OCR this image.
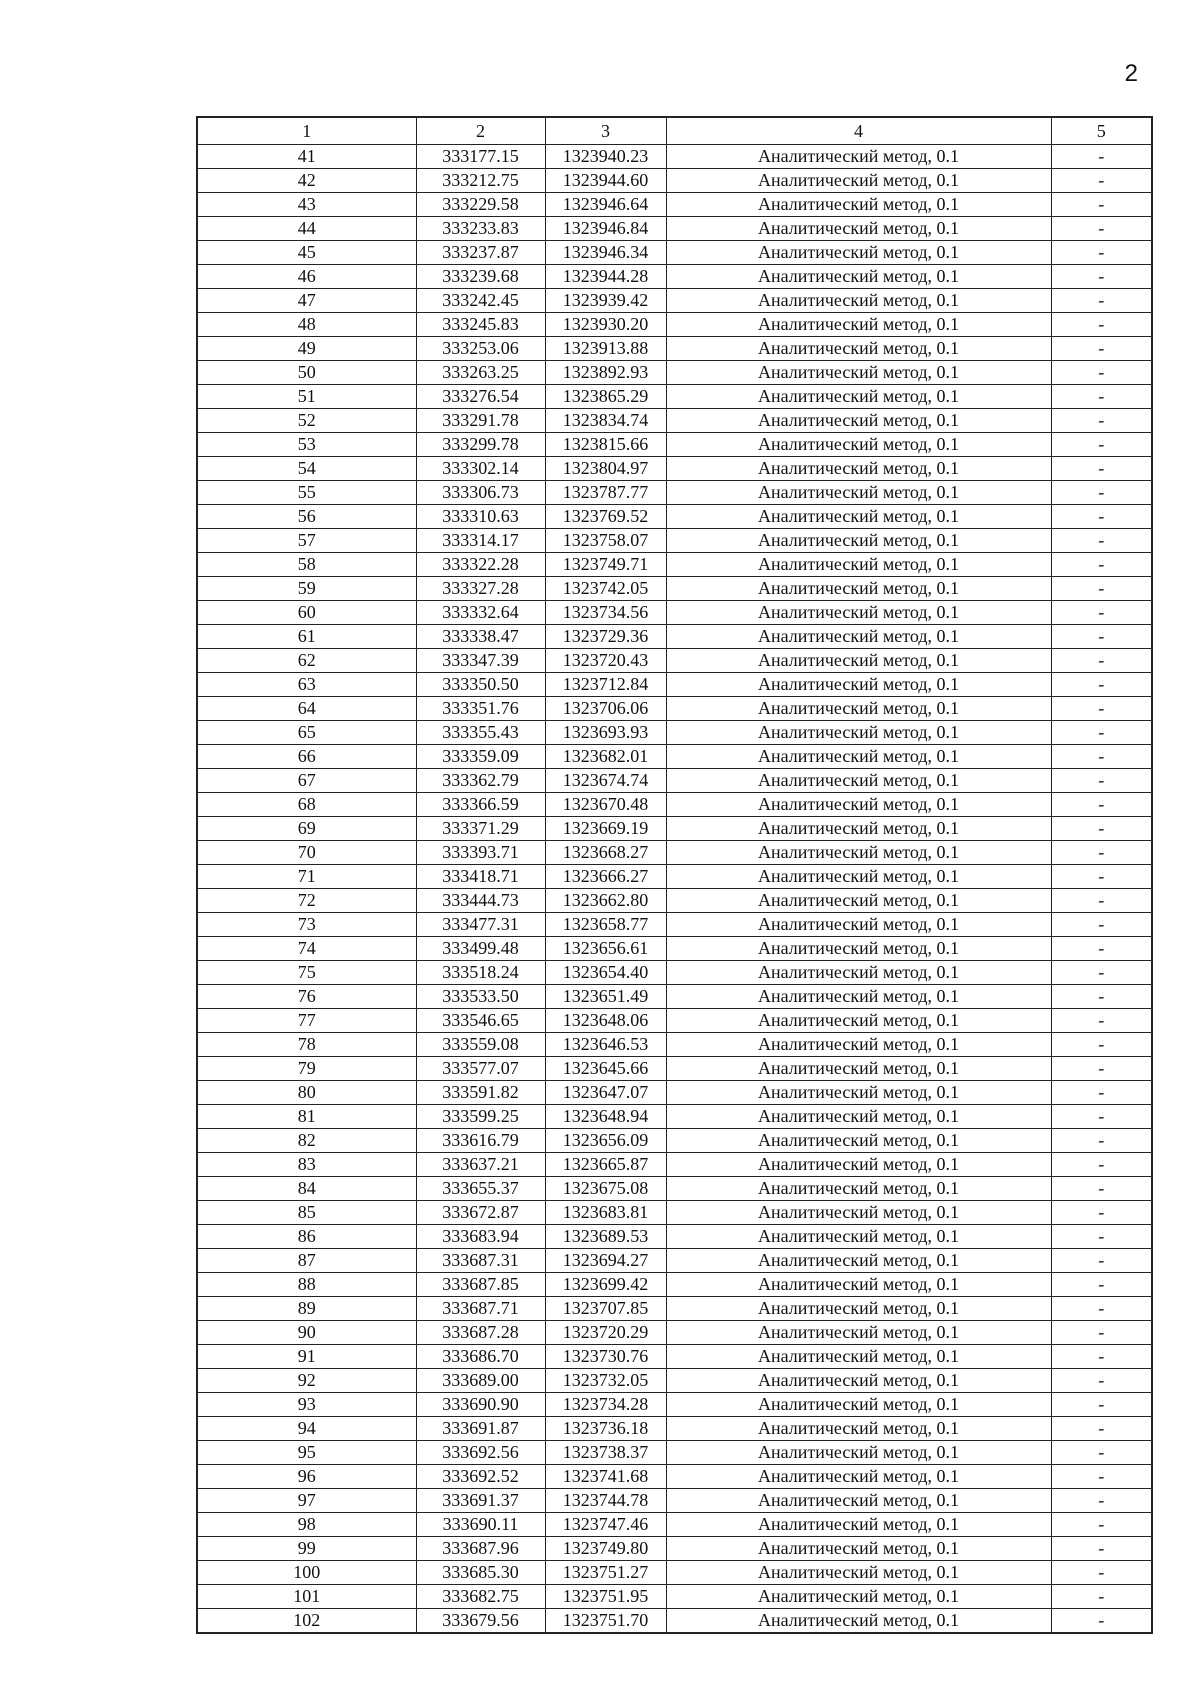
2
1	2	3	4	5
41	333177.15	1323940.23	Аналитический метод, 0.1	-
42	333212.75	1323944.60	Аналитический метод, 0.1	-
43	333229.58	1323946.64	Аналитический метод, 0.1	-
44	333233.83	1323946.84	Аналитический метод, 0.1	-
45	333237.87	1323946.34	Аналитический метод, 0.1	-
46	333239.68	1323944.28	Аналитический метод, 0.1	-
47	333242.45	1323939.42	Аналитический метод, 0.1	-
48	333245.83	1323930.20	Аналитический метод, 0.1	-
49	333253.06	1323913.88	Аналитический метод, 0.1	-
50	333263.25	1323892.93	Аналитический метод, 0.1	-
51	333276.54	1323865.29	Аналитический метод, 0.1	-
52	333291.78	1323834.74	Аналитический метод, 0.1	-
53	333299.78	1323815.66	Аналитический метод, 0.1	-
54	333302.14	1323804.97	Аналитический метод, 0.1	-
55	333306.73	1323787.77	Аналитический метод, 0.1	-
56	333310.63	1323769.52	Аналитический метод, 0.1	-
57	333314.17	1323758.07	Аналитический метод, 0.1	-
58	333322.28	1323749.71	Аналитический метод, 0.1	-
59	333327.28	1323742.05	Аналитический метод, 0.1	-
60	333332.64	1323734.56	Аналитический метод, 0.1	-
61	333338.47	1323729.36	Аналитический метод, 0.1	-
62	333347.39	1323720.43	Аналитический метод, 0.1	-
63	333350.50	1323712.84	Аналитический метод, 0.1	-
64	333351.76	1323706.06	Аналитический метод, 0.1	-
65	333355.43	1323693.93	Аналитический метод, 0.1	-
66	333359.09	1323682.01	Аналитический метод, 0.1	-
67	333362.79	1323674.74	Аналитический метод, 0.1	-
68	333366.59	1323670.48	Аналитический метод, 0.1	-
69	333371.29	1323669.19	Аналитический метод, 0.1	-
70	333393.71	1323668.27	Аналитический метод, 0.1	-
71	333418.71	1323666.27	Аналитический метод, 0.1	-
72	333444.73	1323662.80	Аналитический метод, 0.1	-
73	333477.31	1323658.77	Аналитический метод, 0.1	-
74	333499.48	1323656.61	Аналитический метод, 0.1	-
75	333518.24	1323654.40	Аналитический метод, 0.1	-
76	333533.50	1323651.49	Аналитический метод, 0.1	-
77	333546.65	1323648.06	Аналитический метод, 0.1	-
78	333559.08	1323646.53	Аналитический метод, 0.1	-
79	333577.07	1323645.66	Аналитический метод, 0.1	-
80	333591.82	1323647.07	Аналитический метод, 0.1	-
81	333599.25	1323648.94	Аналитический метод, 0.1	-
82	333616.79	1323656.09	Аналитический метод, 0.1	-
83	333637.21	1323665.87	Аналитический метод, 0.1	-
84	333655.37	1323675.08	Аналитический метод, 0.1	-
85	333672.87	1323683.81	Аналитический метод, 0.1	-
86	333683.94	1323689.53	Аналитический метод, 0.1	-
87	333687.31	1323694.27	Аналитический метод, 0.1	-
88	333687.85	1323699.42	Аналитический метод, 0.1	-
89	333687.71	1323707.85	Аналитический метод, 0.1	-
90	333687.28	1323720.29	Аналитический метод, 0.1	-
91	333686.70	1323730.76	Аналитический метод, 0.1	-
92	333689.00	1323732.05	Аналитический метод, 0.1	-
93	333690.90	1323734.28	Аналитический метод, 0.1	-
94	333691.87	1323736.18	Аналитический метод, 0.1	-
95	333692.56	1323738.37	Аналитический метод, 0.1	-
96	333692.52	1323741.68	Аналитический метод, 0.1	-
97	333691.37	1323744.78	Аналитический метод, 0.1	-
98	333690.11	1323747.46	Аналитический метод, 0.1	-
99	333687.96	1323749.80	Аналитический метод, 0.1	-
100	333685.30	1323751.27	Аналитический метод, 0.1	-
101	333682.75	1323751.95	Аналитический метод, 0.1	-
102	333679.56	1323751.70	Аналитический метод, 0.1	-
